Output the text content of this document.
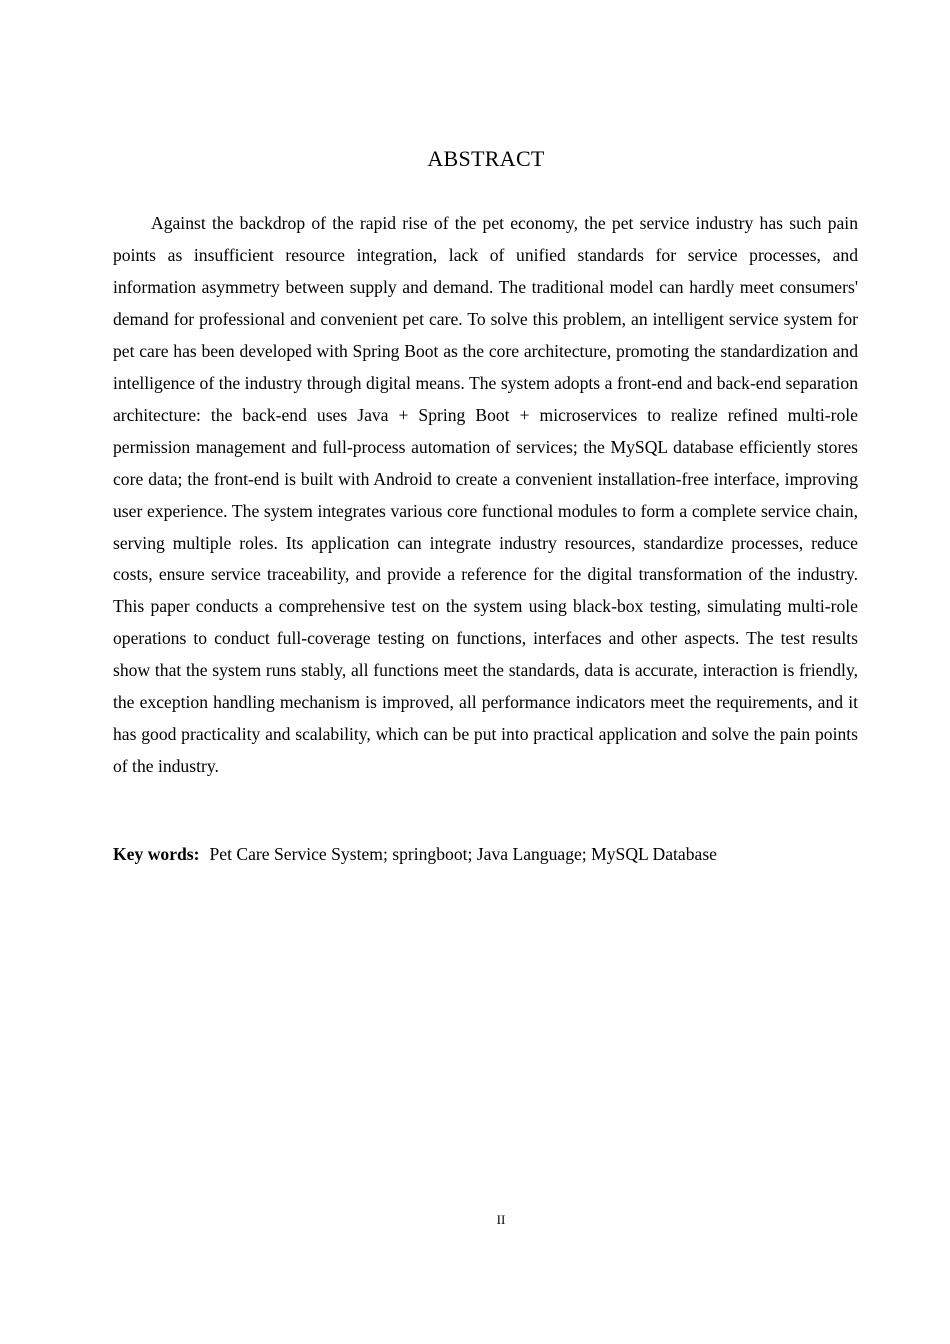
ABSTRACT

Against the backdrop of the rapid rise of the pet economy, the pet service industry has such pain points as insufficient resource integration, lack of unified standards for service processes, and information asymmetry between supply and demand. The traditional model can hardly meet consumers' demand for professional and convenient pet care. To solve this problem, an intelligent service system for pet care has been developed with Spring Boot as the core architecture, promoting the standardization and intelligence of the industry through digital means. The system adopts a front-end and back-end separation architecture: the back-end uses Java + Spring Boot + microservices to realize refined multi-role permission management and full-process automation of services; the MySQL database efficiently stores core data; the front-end is built with Android to create a convenient installation-free interface, improving user experience. The system integrates various core functional modules to form a complete service chain, serving multiple roles. Its application can integrate industry resources, standardize processes, reduce costs, ensure service traceability, and provide a reference for the digital transformation of the industry. This paper conducts a comprehensive test on the system using black-box testing, simulating multi-role operations to conduct full-coverage testing on functions, interfaces and other aspects. The test results show that the system runs stably, all functions meet the standards, data is accurate, interaction is friendly, the exception handling mechanism is improved, all performance indicators meet the requirements, and it has good practicality and scalability, which can be put into practical application and solve the pain points of the industry.

Key words: Pet Care Service System; springboot; Java Language; MySQL Database

II
